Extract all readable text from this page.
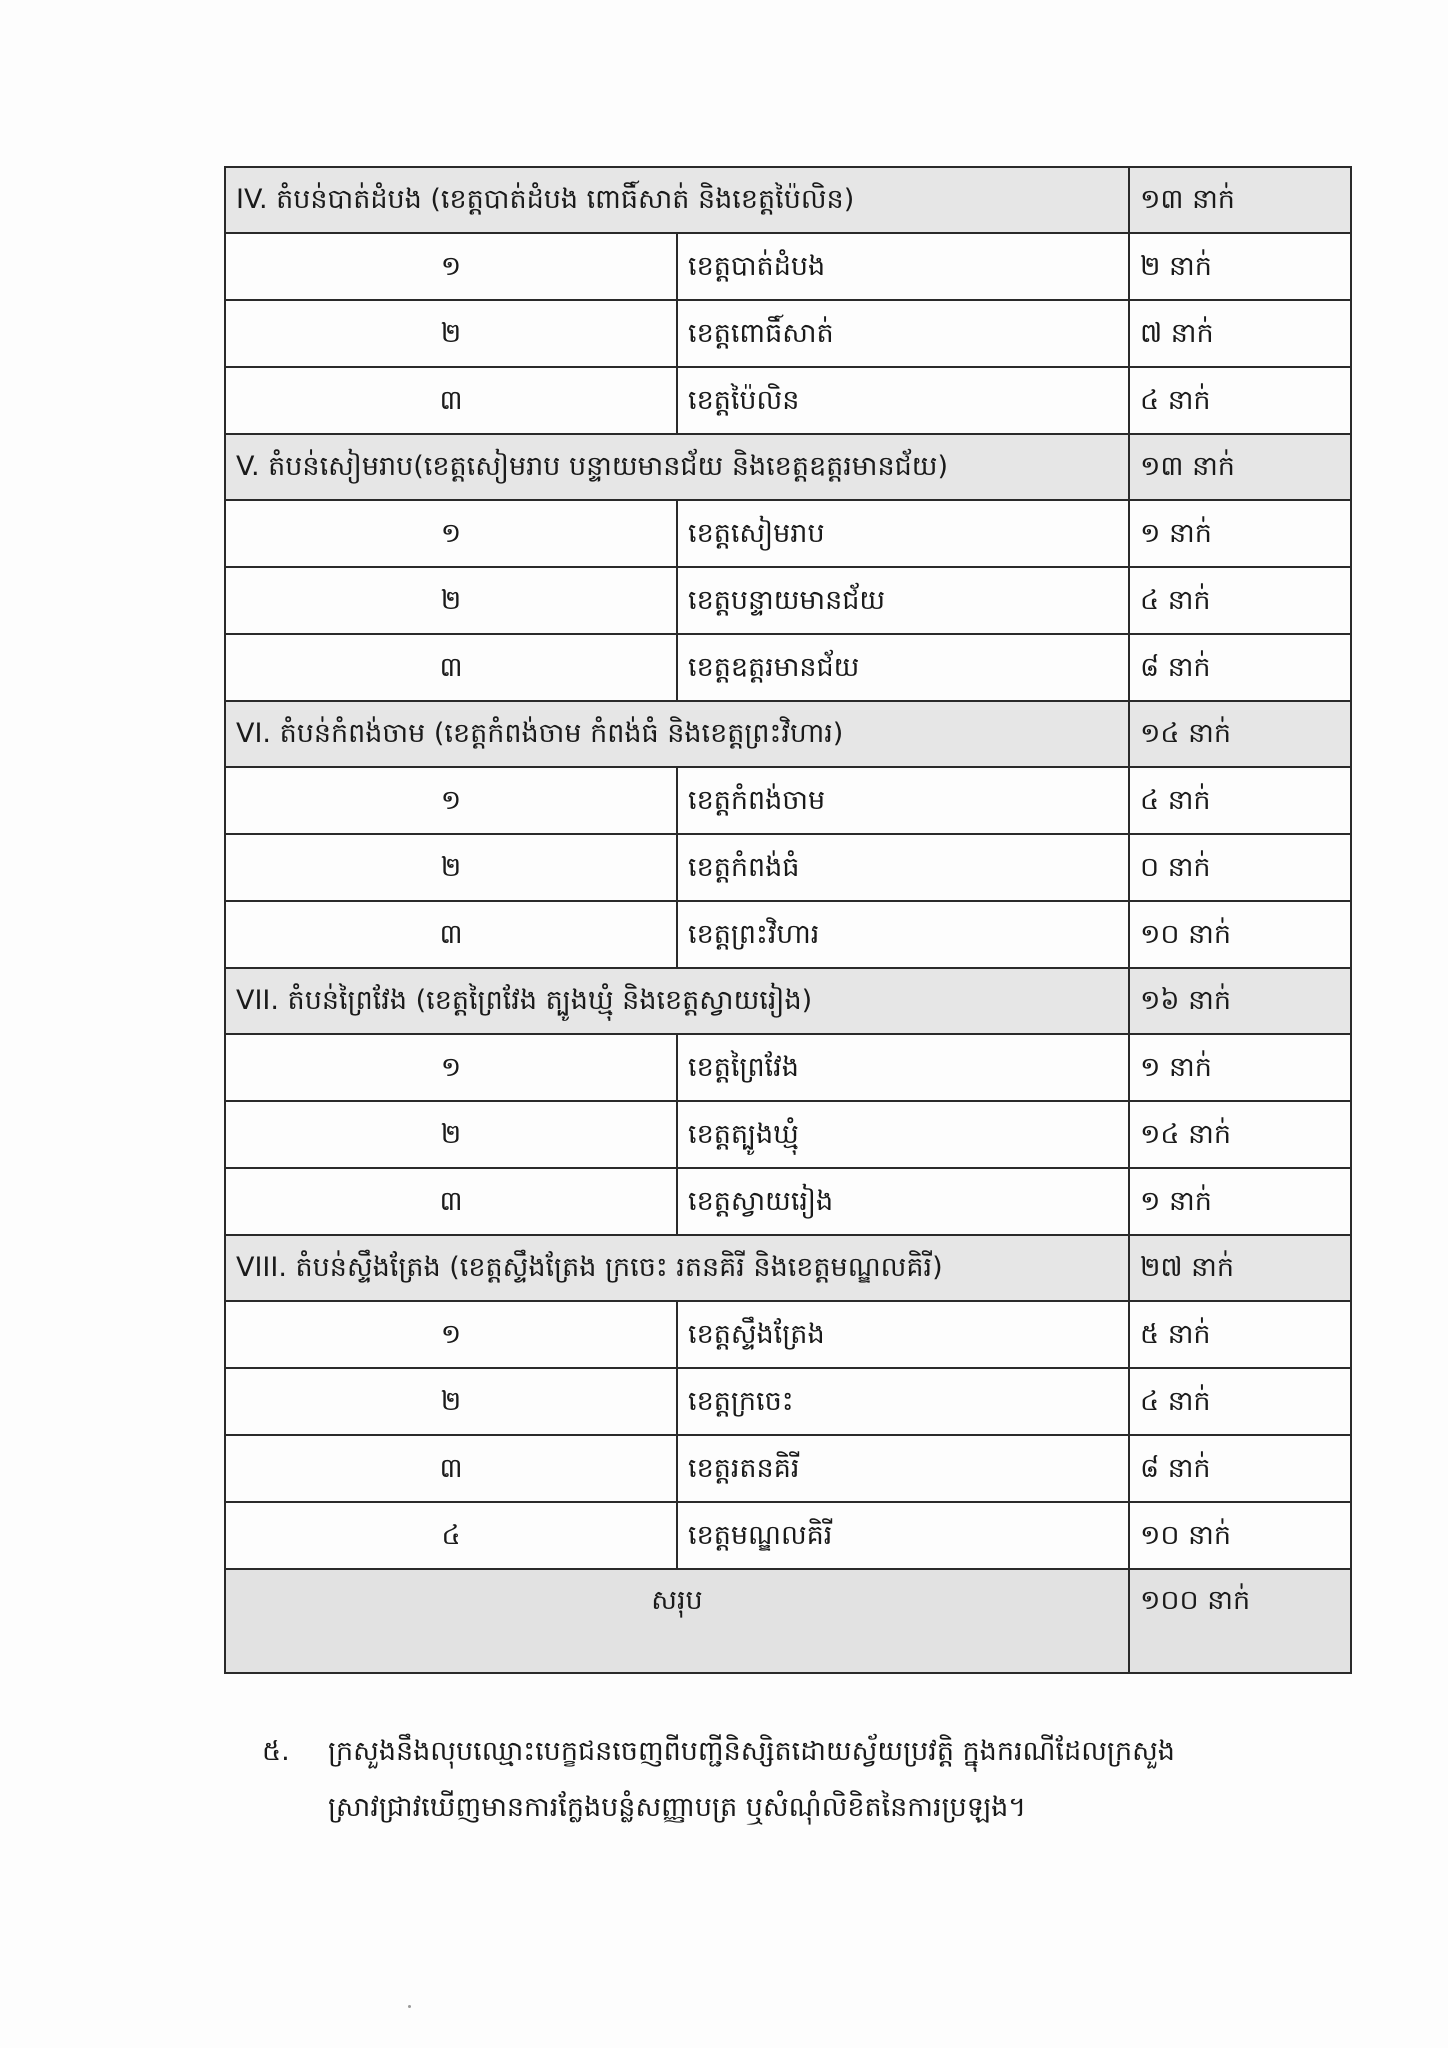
IV. តំបន់បាត់ដំបង (ខេត្តបាត់ដំបង ពោធិ៍សាត់ និងខេត្តប៉ៃលិន)		១៣ នាក់
១	ខេត្តបាត់ដំបង	២ នាក់
២	ខេត្តពោធិ៍សាត់	៧ នាក់
៣	ខេត្តប៉ៃលិន	៤ នាក់
V. តំបន់សៀមរាប(ខេត្តសៀមរាប បន្ទាយមានជ័យ និងខេត្តឧត្តរមានជ័យ)		១៣ នាក់
១	ខេត្តសៀមរាប	១ នាក់
២	ខេត្តបន្ទាយមានជ័យ	៤ នាក់
៣	ខេត្តឧត្តរមានជ័យ	៨ នាក់
VI. តំបន់កំពង់ចាម (ខេត្តកំពង់ចាម កំពង់ធំ និងខេត្តព្រះវិហារ)		១៤ នាក់
១	ខេត្តកំពង់ចាម	៤ នាក់
២	ខេត្តកំពង់ធំ	០ នាក់
៣	ខេត្តព្រះវិហារ	១០ នាក់
VII. តំបន់ព្រៃវែង (ខេត្តព្រៃវែង ត្បូងឃ្មុំ និងខេត្តស្វាយរៀង)		១៦ នាក់
១	ខេត្តព្រៃវែង	១ នាក់
២	ខេត្តត្បូងឃ្មុំ	១៤ នាក់
៣	ខេត្តស្វាយរៀង	១ នាក់
VIII. តំបន់ស្ទឹងត្រែង (ខេត្តស្ទឹងត្រែង ក្រចេះ រតនគិរី និងខេត្តមណ្ឌលគិរី)		២៧ នាក់
១	ខេត្តស្ទឹងត្រែង	៥ នាក់
២	ខេត្តក្រចេះ	៤ នាក់
៣	ខេត្តរតនគិរី	៨ នាក់
៤	ខេត្តមណ្ឌលគិរី	១០ នាក់
សរុប		១០០ នាក់
៥. ក្រសួងនឹងលុបឈ្មោះបេក្ខជនចេញពីបញ្ជីនិស្សិតដោយស្វ័យប្រវត្តិ ក្នុងករណីដែលក្រសួង
ស្រាវជ្រាវឃើញមានការក្លែងបន្លំសញ្ញាបត្រ ឬសំណុំលិខិតនៃការប្រឡង។
